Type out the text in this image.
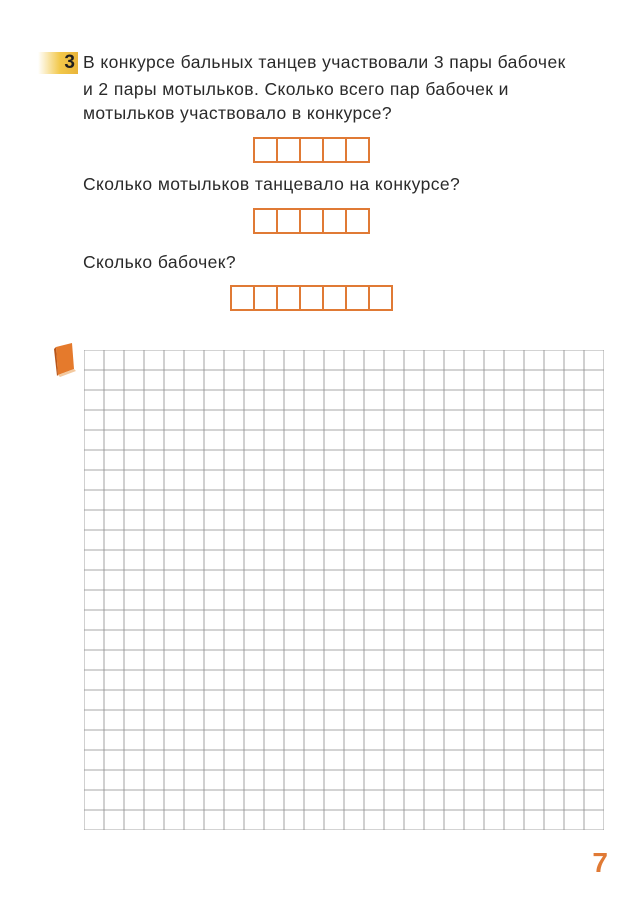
3 В конкурсе бальных танцев участвовали 3 пары бабочек
и 2 пары мотыльков. Сколько всего пар бабочек и
мотыльков участвовало в конкурсе?
Сколько мотыльков танцевало на конкурсе?
Сколько бабочек?
7
